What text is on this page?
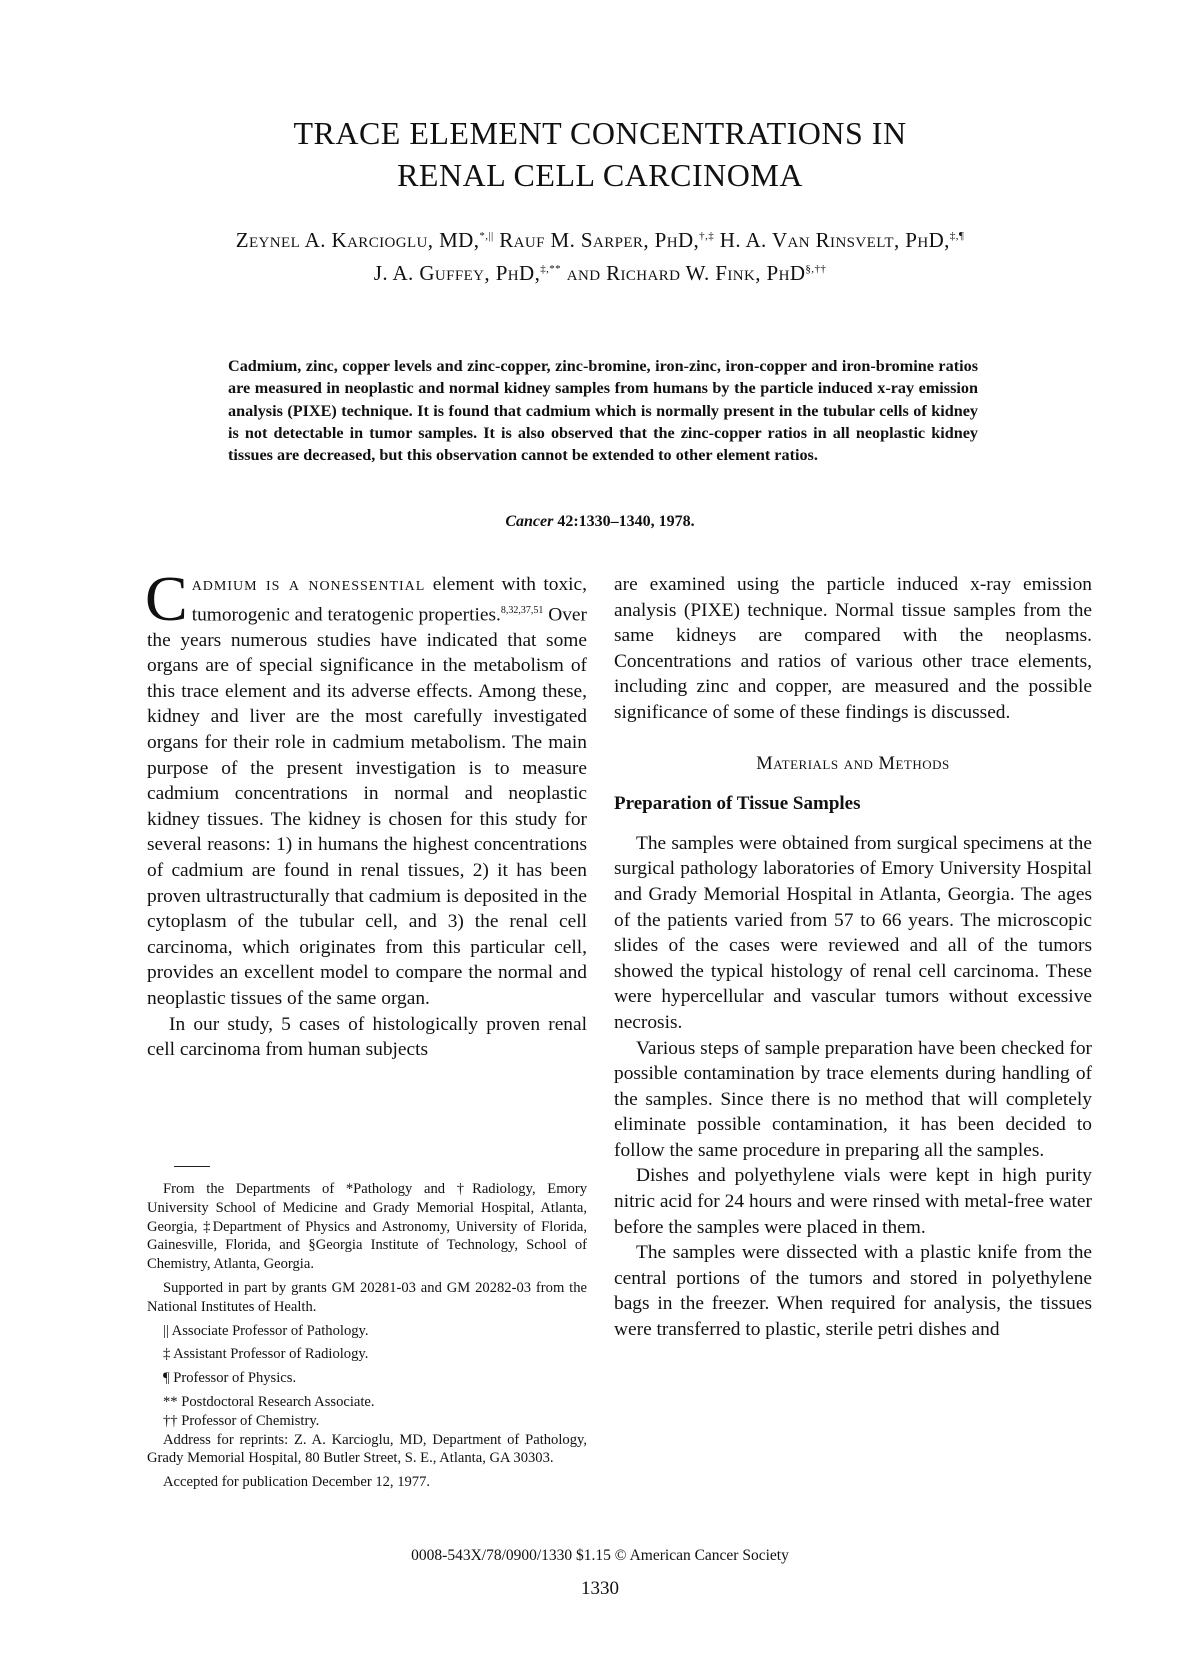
TRACE ELEMENT CONCENTRATIONS IN
RENAL CELL CARCINOMA
Zeynel A. Karcioglu, MD,*,|| Rauf M. Sarper, PhD,†,‡ H. A. Van Rinsvelt, PhD,‡,¶
J. A. Guffey, PhD,‡,** and Richard W. Fink, PhD§,††

Cadmium, zinc, copper levels and zinc-copper, zinc-bromine, iron-zinc, iron-copper and iron-bromine ratios are measured in neoplastic and normal kidney samples from humans by the particle induced x-ray emission analysis (PIXE) technique. It is found that cadmium which is normally present in the tubular cells of kidney is not detectable in tumor samples. It is also observed that the zinc-copper ratios in all neoplastic kidney tissues are decreased, but this observation cannot be extended to other element ratios.

Cancer 42:1330–1340, 1978.

Cadmium is a nonessential element with toxic, tumorogenic and teratogenic properties.$^{8,32,37,51}$ Over the years numerous studies have indicated that some organs are of special significance in the metabolism of this trace element and its adverse effects. Among these, kidney and liver are the most carefully investigated organs for their role in cadmium metabolism. The main purpose of the present investigation is to measure cadmium concentrations in normal and neoplastic kidney tissues. The kidney is chosen for this study for several reasons: 1) in humans the highest concentrations of cadmium are found in renal tissues, 2) it has been proven ultrastructurally that cadmium is deposited in the cytoplasm of the tubular cell, and 3) the renal cell carcinoma, which originates from this particular cell, provides an excellent model to compare the normal and neoplastic tissues of the same organ.

In our study, 5 cases of histologically proven renal cell carcinoma from human subjects

From the Departments of *Pathology and †Radiology, Emory University School of Medicine and Grady Memorial Hospital, Atlanta, Georgia, ‡Department of Physics and Astronomy, University of Florida, Gainesville, Florida, and §Georgia Institute of Technology, School of Chemistry, Atlanta, Georgia.

Supported in part by grants GM 20281-03 and GM 20282-03 from the National Institutes of Health.

|| Associate Professor of Pathology.

‡ Assistant Professor of Radiology.

¶ Professor of Physics.

** Postdoctoral Research Associate.

†† Professor of Chemistry.

Address for reprints: Z. A. Karcioglu, MD, Department of Pathology, Grady Memorial Hospital, 80 Butler Street, S. E., Atlanta, GA 30303.

Accepted for publication December 12, 1977.

are examined using the particle induced x-ray emission analysis (PIXE) technique. Normal tissue samples from the same kidneys are compared with the neoplasms. Concentrations and ratios of various other trace elements, including zinc and copper, are measured and the possible significance of some of these findings is discussed.

Materials and Methods
Preparation of Tissue Samples

The samples were obtained from surgical specimens at the surgical pathology laboratories of Emory University Hospital and Grady Memorial Hospital in Atlanta, Georgia. The ages of the patients varied from 57 to 66 years. The microscopic slides of the cases were reviewed and all of the tumors showed the typical histology of renal cell carcinoma. These were hypercellular and vascular tumors without excessive necrosis.

Various steps of sample preparation have been checked for possible contamination by trace elements during handling of the samples. Since there is no method that will completely eliminate possible contamination, it has been decided to follow the same procedure in preparing all the samples.

Dishes and polyethylene vials were kept in high purity nitric acid for 24 hours and were rinsed with metal-free water before the samples were placed in them.

The samples were dissected with a plastic knife from the central portions of the tumors and stored in polyethylene bags in the freezer. When required for analysis, the tissues were transferred to plastic, sterile petri dishes and

0008-543X/78/0900/1330 $1.15 © American Cancer Society
1330
